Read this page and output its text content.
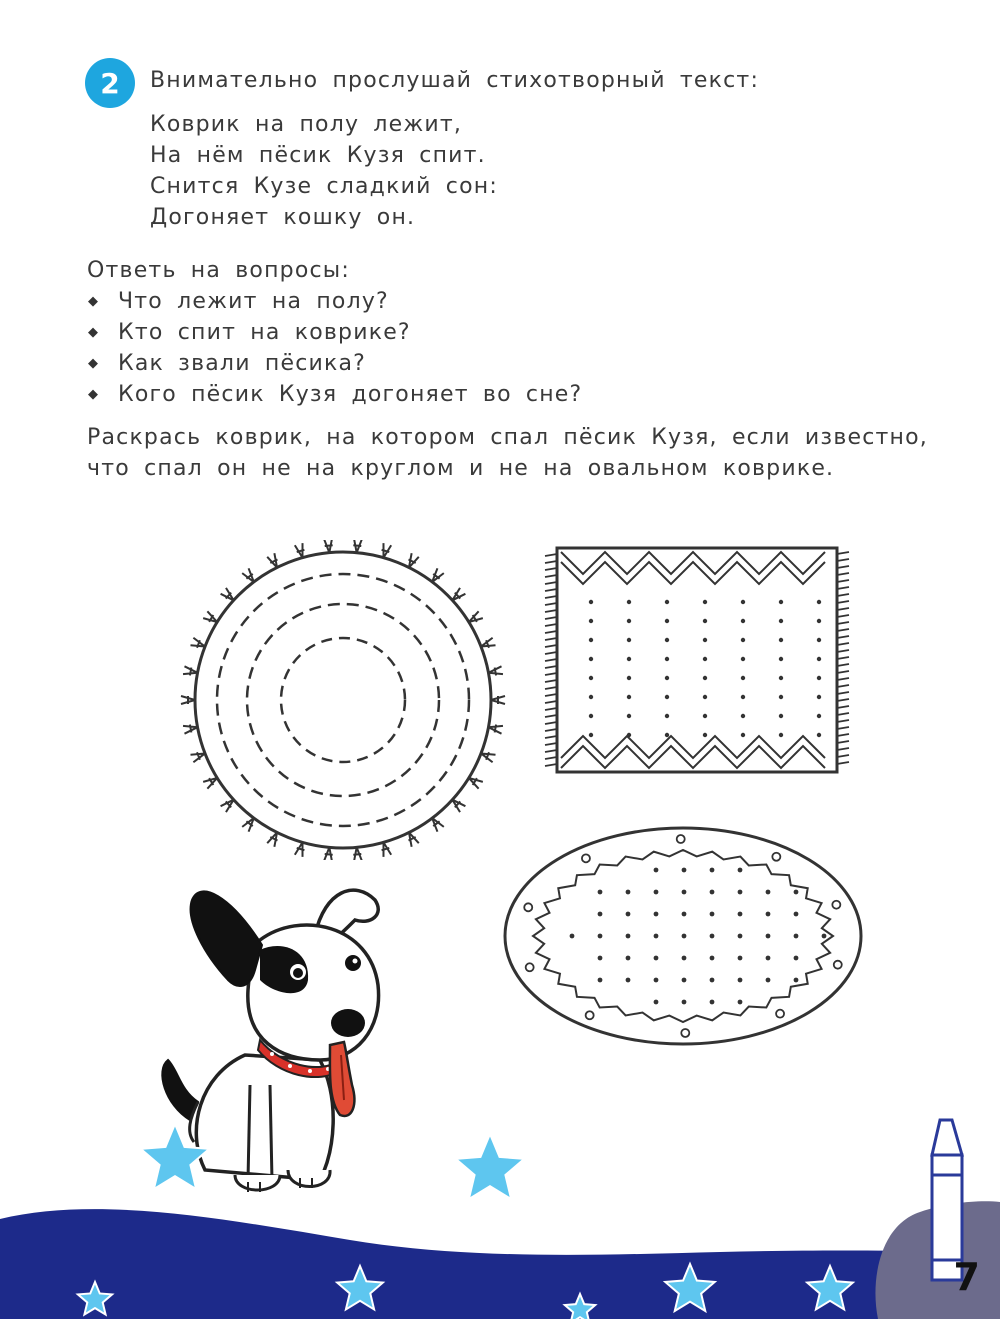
2	Внимательно прослушай стихотворный текст:
Коврик на полу лежит,
На нём пёсик Кузя спит.
Снится Кузе сладкий сон:
Догоняет кошку он.
Ответь на вопросы:
◆ Что лежит на полу?
◆ Кто спит на коврике?
◆ Как звали пёсика?
◆ Кого пёсик Кузя догоняет во сне?
Раскрась коврик, на котором спал пёсик Кузя, если известно,
что спал он не на круглом и не на овальном коврике.
7
